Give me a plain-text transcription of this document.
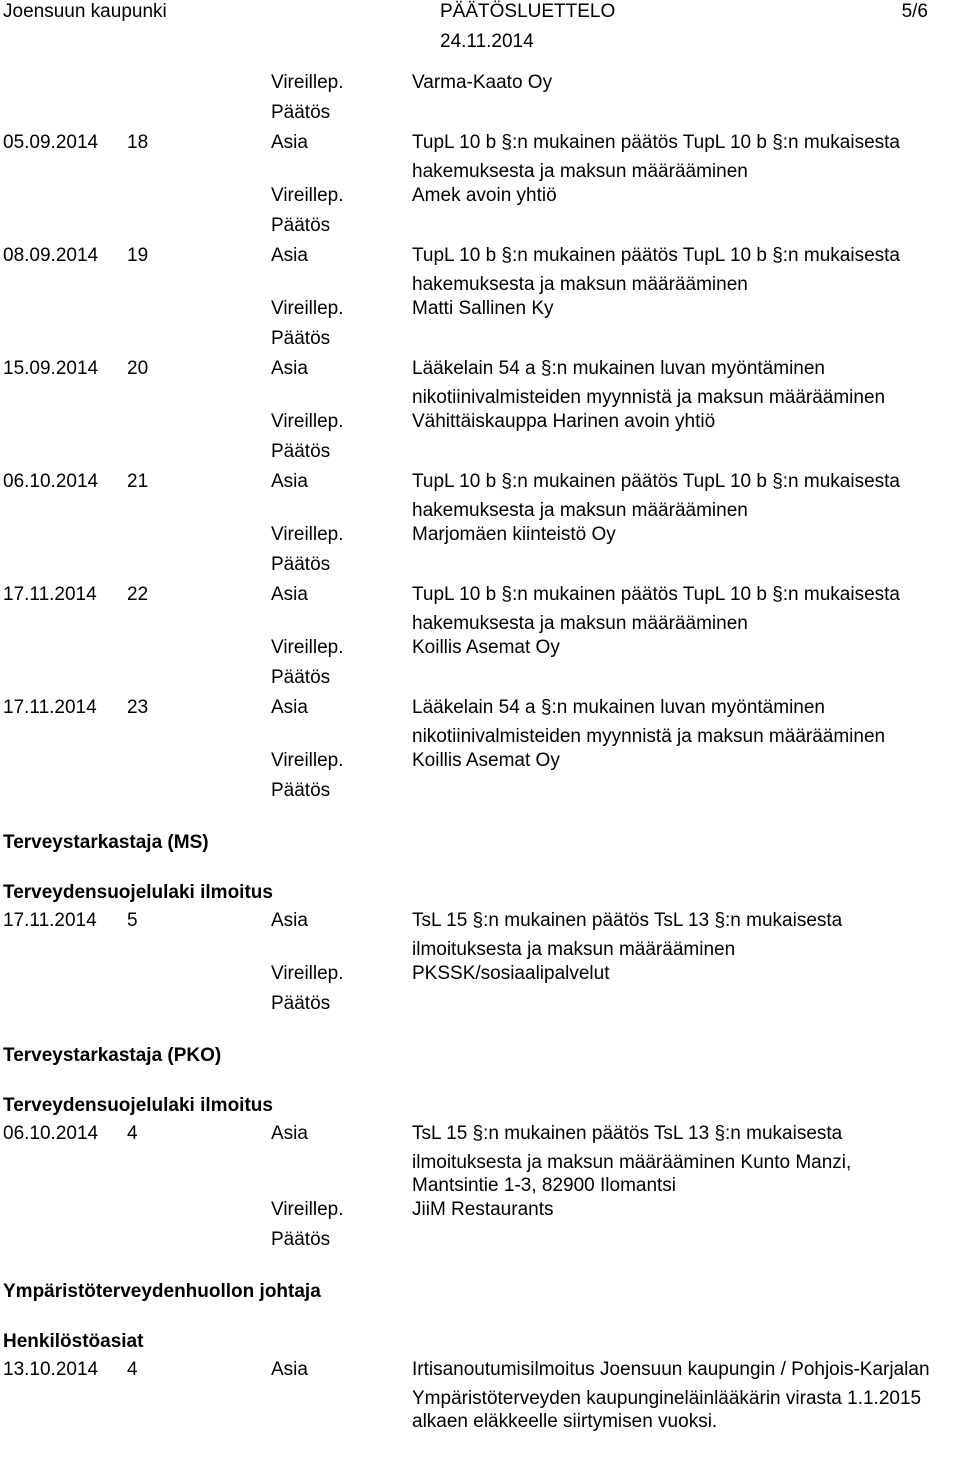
Joensuun kaupunki	PÄÄTÖSLUETTELO	5/6
24.11.2014
Vireillep.	Varma-Kaato Oy
Päätös
05.09.2014 18	Asia	TupL 10 b §:n mukainen päätös TupL 10 b §:n mukaisesta
hakemuksesta ja maksun määrääminen
Vireillep.	Amek avoin yhtiö
Päätös
08.09.2014 19	Asia	TupL 10 b §:n mukainen päätös TupL 10 b §:n mukaisesta
hakemuksesta ja maksun määrääminen
Vireillep.	Matti Sallinen Ky
Päätös
15.09.2014 20	Asia	Lääkelain 54 a §:n mukainen luvan myöntäminen
nikotiinivalmisteiden myynnistä ja maksun määrääminen
Vireillep.	Vähittäiskauppa Harinen avoin yhtiö
Päätös
06.10.2014 21	Asia	TupL 10 b §:n mukainen päätös TupL 10 b §:n mukaisesta
hakemuksesta ja maksun määrääminen
Vireillep.	Marjomäen kiinteistö Oy
Päätös
17.11.2014 22	Asia	TupL 10 b §:n mukainen päätös TupL 10 b §:n mukaisesta
hakemuksesta ja maksun määrääminen
Vireillep.	Koillis Asemat Oy
Päätös
17.11.2014 23	Asia	Lääkelain 54 a §:n mukainen luvan myöntäminen
nikotiinivalmisteiden myynnistä ja maksun määrääminen
Vireillep.	Koillis Asemat Oy
Päätös
Terveystarkastaja (MS)
Terveydensuojelulaki ilmoitus
17.11.2014 5	Asia	TsL 15 §:n mukainen päätös TsL 13 §:n mukaisesta
ilmoituksesta ja maksun määrääminen
Vireillep.	PKSSK/sosiaalipalvelut
Päätös
Terveystarkastaja (PKO)
Terveydensuojelulaki ilmoitus
06.10.2014 4	Asia	TsL 15 §:n mukainen päätös TsL 13 §:n mukaisesta
ilmoituksesta ja maksun määrääminen Kunto Manzi,
Mantsintie 1-3, 82900 Ilomantsi
Vireillep.	JiiM Restaurants
Päätös
Ympäristöterveydenhuollon johtaja
Henkilöstöasiat
13.10.2014 4	Asia	Irtisanoutumisilmoitus Joensuun kaupungin / Pohjois-Karjalan
Ympäristöterveyden kaupungineläinlääkärin virasta 1.1.2015
alkaen eläkkeelle siirtymisen vuoksi.
